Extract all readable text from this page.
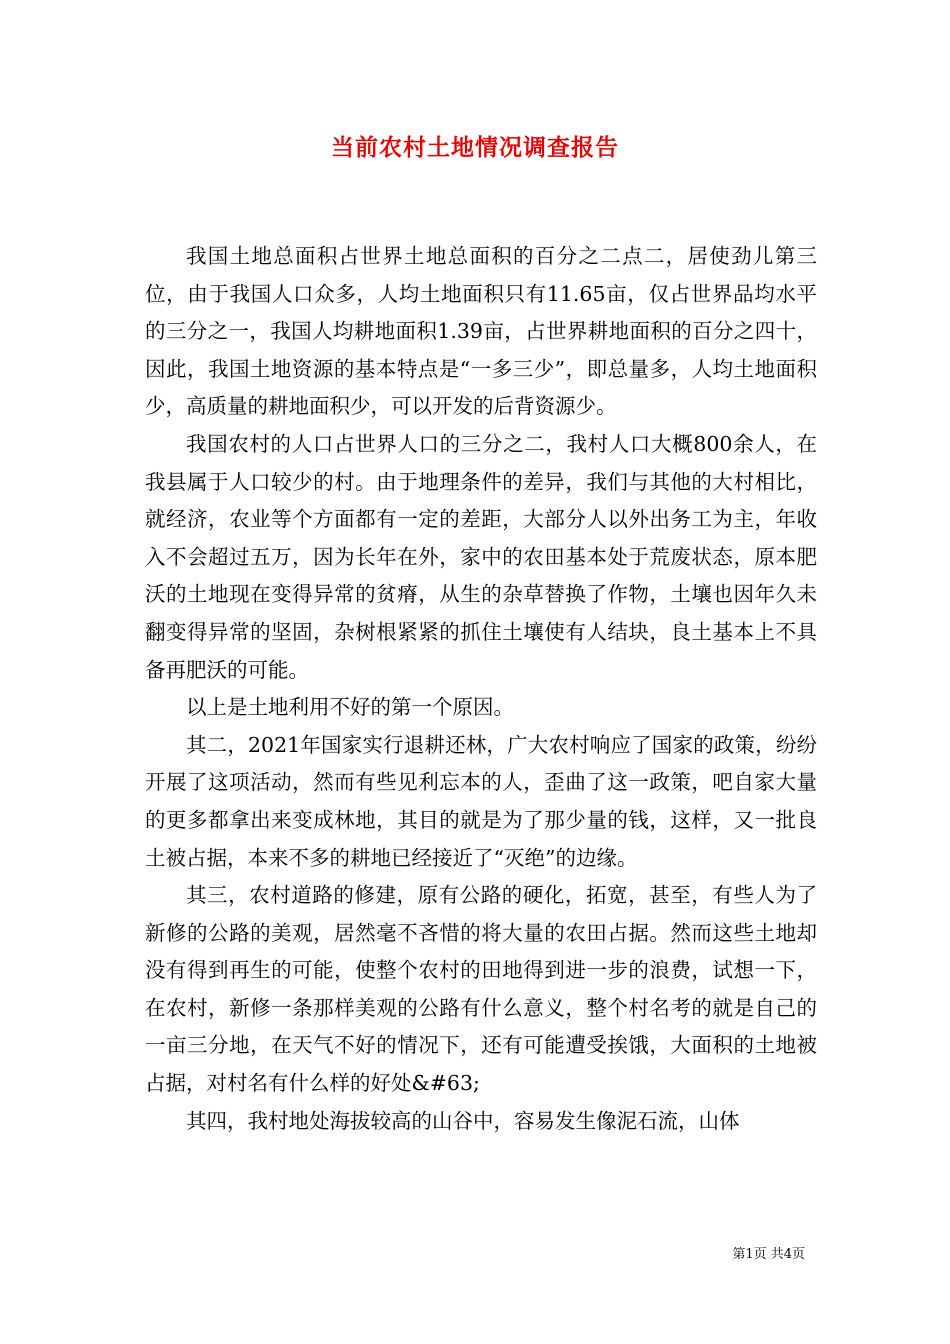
当前农村土地情况调查报告

我国土地总面积占世界土地总面积的百分之二点二，居使劲儿第三位，由于我国人口众多，人均土地面积只有11.65亩，仅占世界品均水平的三分之一，我国人均耕地面积1.39亩，占世界耕地面积的百分之四十，因此，我国土地资源的基本特点是“一多三少”，即总量多，人均土地面积少，高质量的耕地面积少，可以开发的后背资源少。

我国农村的人口占世界人口的三分之二，我村人口大概800余人，在我县属于人口较少的村。由于地理条件的差异，我们与其他的大村相比，就经济，农业等个方面都有一定的差距，大部分人以外出务工为主，年收入不会超过五万，因为长年在外，家中的农田基本处于荒废状态，原本肥沃的土地现在变得异常的贫瘠，从生的杂草替换了作物，土壤也因年久未翻变得异常的坚固，杂树根紧紧的抓住土壤使有人结块，良土基本上不具备再肥沃的可能。

以上是土地利用不好的第一个原因。

其二，2021年国家实行退耕还林，广大农村响应了国家的政策，纷纷开展了这项活动，然而有些见利忘本的人，歪曲了这一政策，吧自家大量的更多都拿出来变成林地，其目的就是为了那少量的钱，这样，又一批良土被占据，本来不多的耕地已经接近了“灭绝”的边缘。

其三，农村道路的修建，原有公路的硬化，拓宽，甚至，有些人为了新修的公路的美观，居然毫不吝惜的将大量的农田占据。然而这些土地却没有得到再生的可能，使整个农村的田地得到进一步的浪费，试想一下，在农村，新修一条那样美观的公路有什么意义，整个村名考的就是自己的一亩三分地，在天气不好的情况下，还有可能遭受挨饿，大面积的土地被占据，对村名有什么样的好处&#63;

其四，我村地处海拔较高的山谷中，容易发生像泥石流，山体

第1页 共4页
